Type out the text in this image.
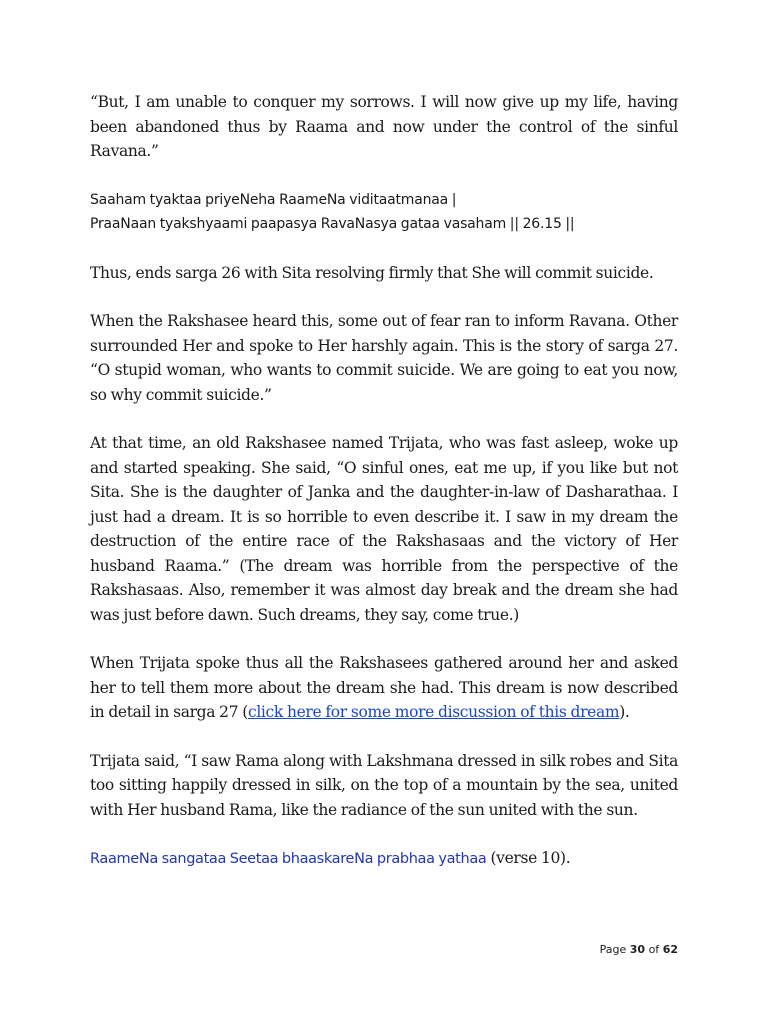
“But, I am unable to conquer my sorrows. I will now give up my life, having been abandoned thus by Raama and now under the control of the sinful Ravana.”

Saaham tyaktaa priyeNeha RaameNa viditaatmanaa |
PraaNaan tyakshyaami paapasya RavaNasya gataa vasaham || 26.15 ||

Thus, ends sarga 26 with Sita resolving firmly that She will commit suicide.

When the Rakshasee heard this, some out of fear ran to inform Ravana. Other surrounded Her and spoke to Her harshly again. This is the story of sarga 27. “O stupid woman, who wants to commit suicide. We are going to eat you now, so why commit suicide.”

At that time, an old Rakshasee named Trijata, who was fast asleep, woke up and started speaking. She said, “O sinful ones, eat me up, if you like but not Sita. She is the daughter of Janka and the daughter-in-law of Dasharathaa. I just had a dream. It is so horrible to even describe it. I saw in my dream the destruction of the entire race of the Rakshasaas and the victory of Her husband Raama.” (The dream was horrible from the perspective of the Rakshasaas. Also, remember it was almost day break and the dream she had was just before dawn. Such dreams, they say, come true.)

When Trijata spoke thus all the Rakshasees gathered around her and asked her to tell them more about the dream she had. This dream is now described in detail in sarga 27 (click here for some more discussion of this dream).

Trijata said, “I saw Rama along with Lakshmana dressed in silk robes and Sita too sitting happily dressed in silk, on the top of a mountain by the sea, united with Her husband Rama, like the radiance of the sun united with the sun.

RaameNa sangataa Seetaa bhaaskareNa prabhaa yathaa (verse 10).

Page 30 of 62
